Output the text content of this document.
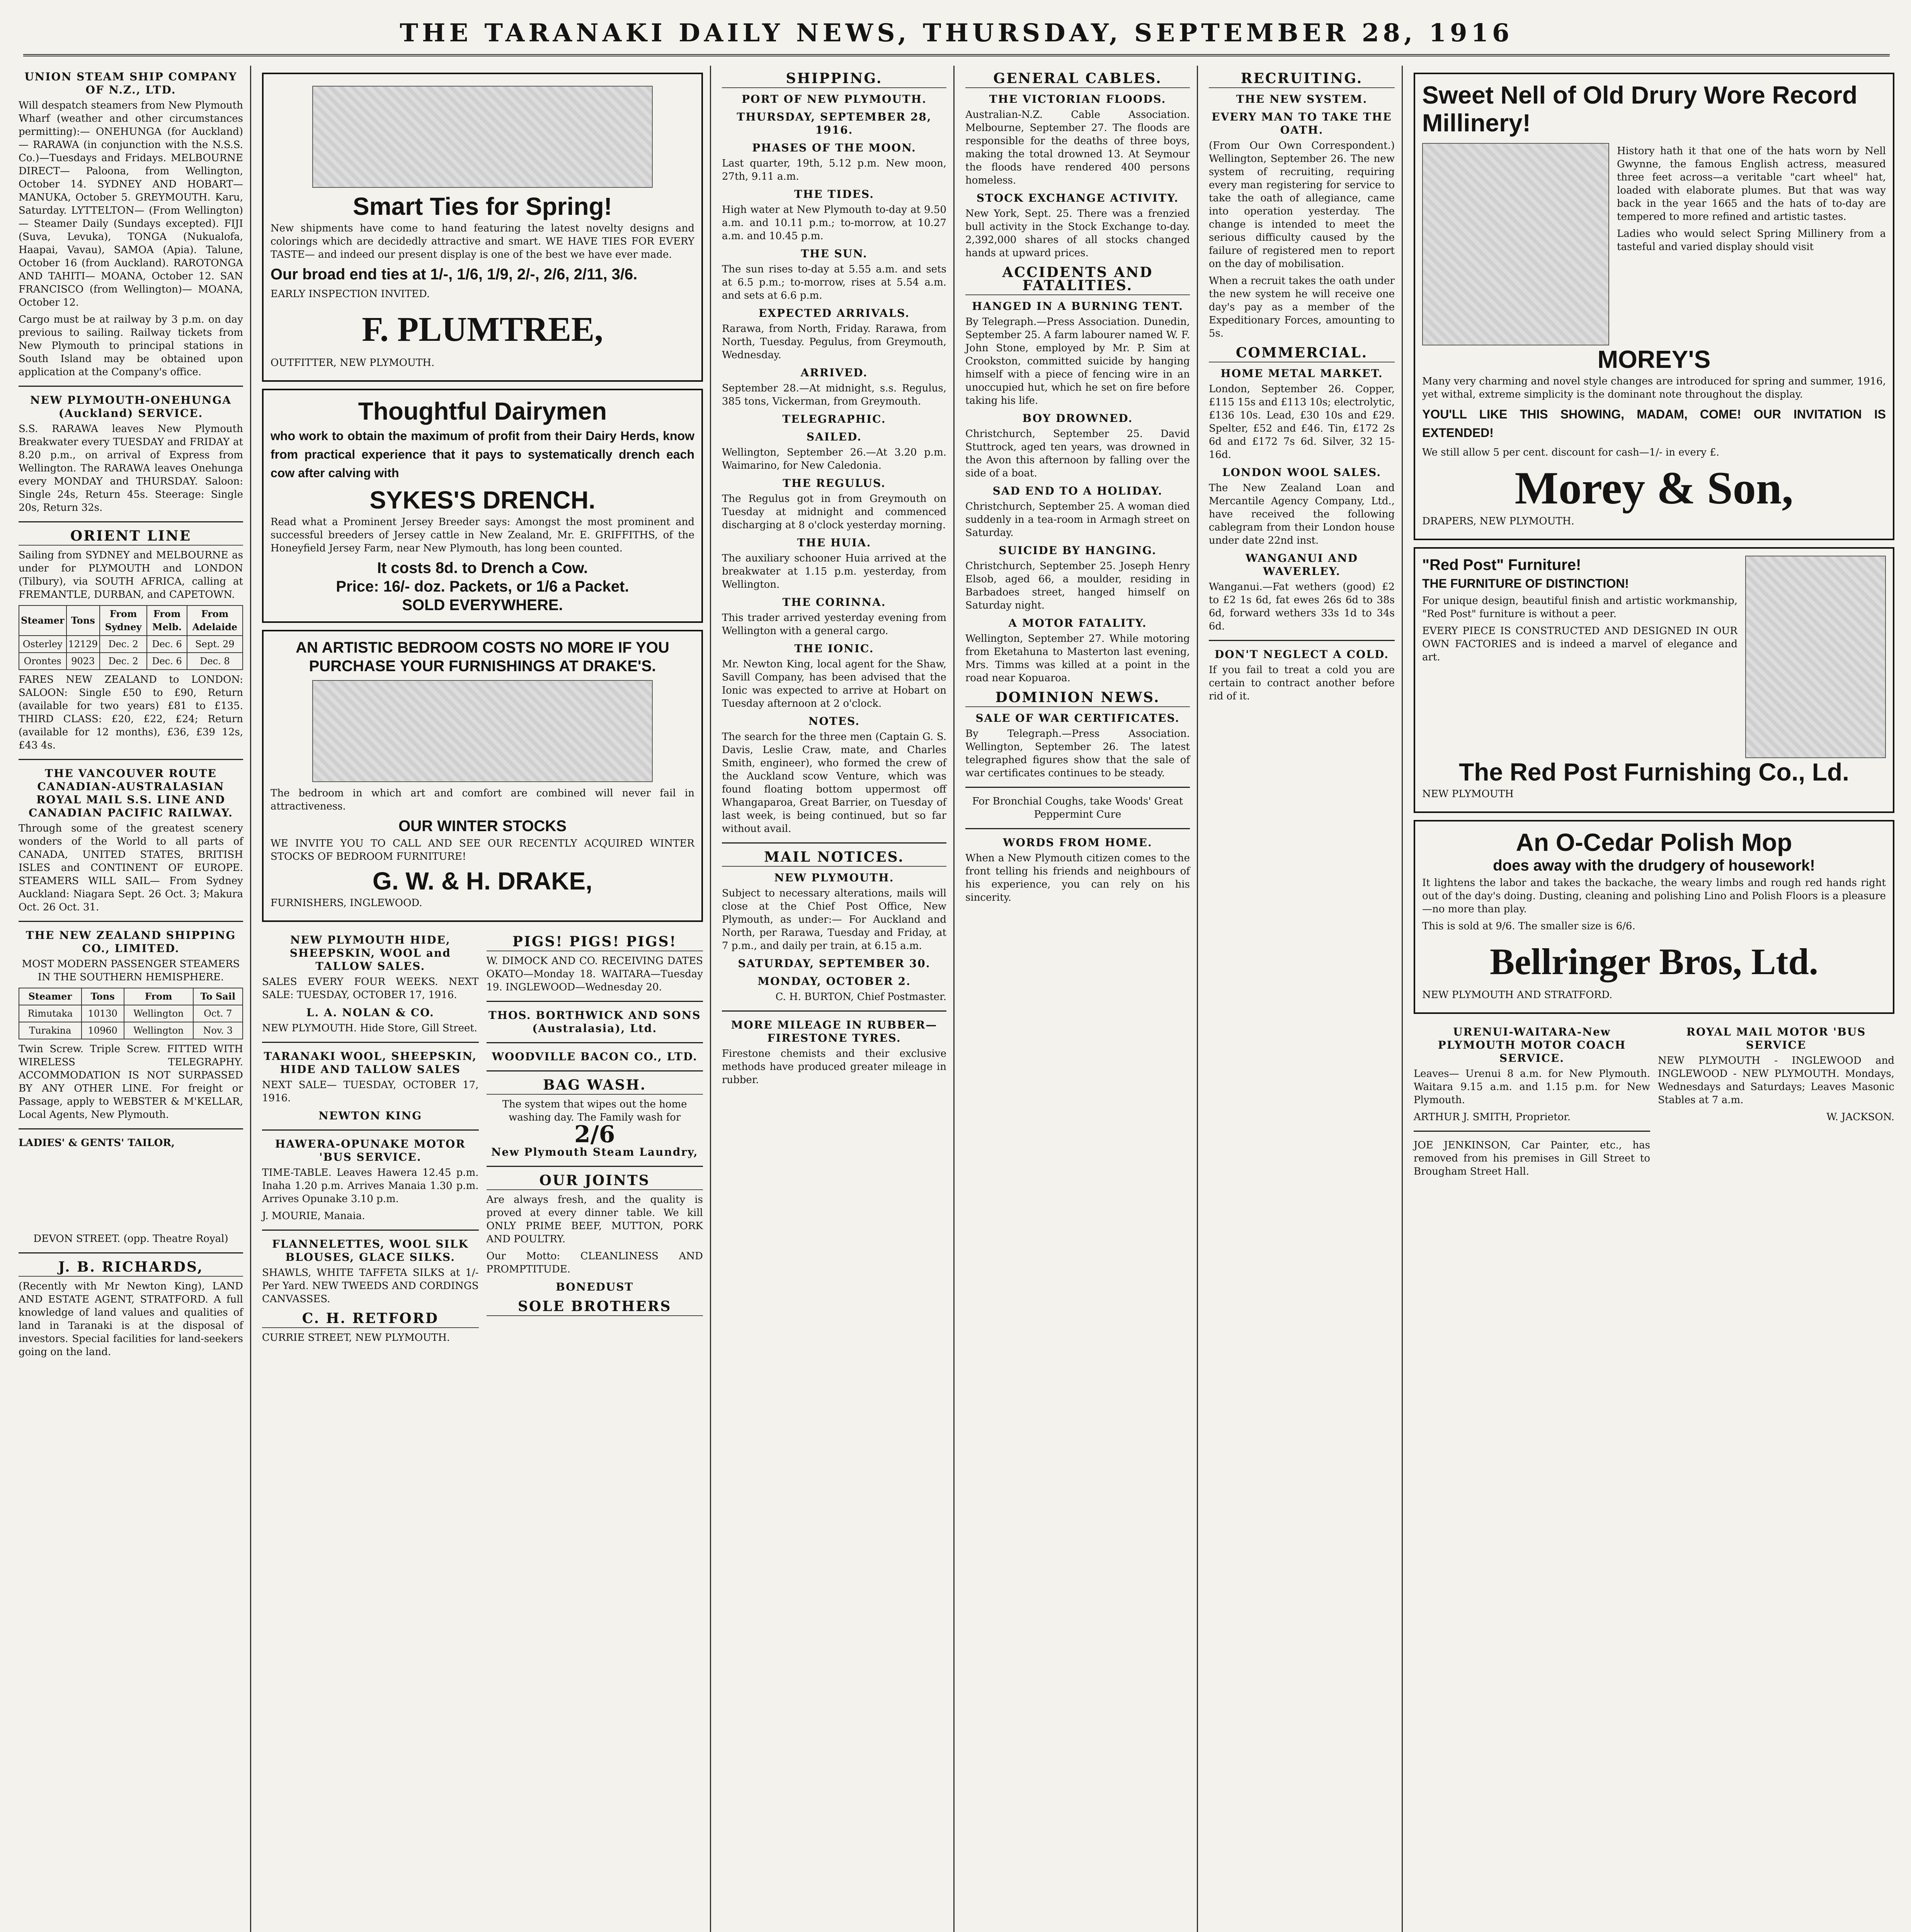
THE TARANAKI DAILY NEWS, THURSDAY, SEPTEMBER 28, 1916
UNION STEAM SHIP COMPANY OF N.Z., LTD.

Will despatch steamers from New Plymouth Wharf (weather and other circumstances permitting):— ONEHUNGA (for Auckland)— RARAWA (in conjunction with the N.S.S. Co.)—Tuesdays and Fridays. MELBOURNE DIRECT— Paloona, from Wellington, October 14. SYDNEY AND HOBART— MANUKA, October 5. GREYMOUTH. Karu, Saturday. LYTTELTON— (From Wellington)— Steamer Daily (Sundays excepted). FIJI (Suva, Levuka), TONGA (Nukualofa, Haapai, Vavau), SAMOA (Apia). Talune, October 16 (from Auckland). RAROTONGA AND TAHITI— MOANA, October 12. SAN FRANCISCO (from Wellington)— MOANA, October 12.

Cargo must be at railway by 3 p.m. on day previous to sailing. Railway tickets from New Plymouth to principal stations in South Island may be obtained upon application at the Company's office.

NEW PLYMOUTH-ONEHUNGA (Auckland) SERVICE.

S.S. RARAWA leaves New Plymouth Breakwater every TUESDAY and FRIDAY at 8.20 p.m., on arrival of Express from Wellington. The RARAWA leaves Onehunga every MONDAY and THURSDAY. Saloon: Single 24s, Return 45s. Steerage: Single 20s, Return 32s.

ORIENT LINE

Sailing from SYDNEY and MELBOURNE as under for PLYMOUTH and LONDON (Tilbury), via SOUTH AFRICA, calling at FREMANTLE, DURBAN, and CAPETOWN.

Steamer	Tons	From Sydney	From Melb.	From Adelaide
Osterley	12129	Dec. 2	Dec. 6	Sept. 29
Orontes	9023	Dec. 2	Dec. 6	Dec. 8

FARES NEW ZEALAND to LONDON: SALOON: Single £50 to £90, Return (available for two years) £81 to £135. THIRD CLASS: £20, £22, £24; Return (available for 12 months), £36, £39 12s, £43 4s.

THE VANCOUVER ROUTE CANADIAN-AUSTRALASIAN ROYAL MAIL S.S. LINE AND CANADIAN PACIFIC RAILWAY.

Through some of the greatest scenery wonders of the World to all parts of CANADA, UNITED STATES, BRITISH ISLES and CONTINENT OF EUROPE. STEAMERS WILL SAIL— From Sydney Auckland: Niagara Sept. 26 Oct. 3; Makura Oct. 26 Oct. 31.

THE NEW ZEALAND SHIPPING CO., LIMITED.

MOST MODERN PASSENGER STEAMERS IN THE SOUTHERN HEMISPHERE.

Steamer	Tons	From	To Sail
Rimutaka	10130	Wellington	Oct. 7
Turakina	10960	Wellington	Nov. 3

Twin Screw. Triple Screw. FITTED WITH WIRELESS TELEGRAPHY. ACCOMMODATION IS NOT SURPASSED BY ANY OTHER LINE. For freight or Passage, apply to WEBSTER & M'KELLAR, Local Agents, New Plymouth.

LADIES' & GENTS' TAILOR,

DEVON STREET. (opp. Theatre Royal)

J. B. RICHARDS,

(Recently with Mr Newton King), LAND AND ESTATE AGENT, STRATFORD. A full knowledge of land values and qualities of land in Taranaki is at the disposal of investors. Special facilities for land-seekers going on the land.

Smart Ties for Spring!

New shipments have come to hand featuring the latest novelty designs and colorings which are decidedly attractive and smart. WE HAVE TIES FOR EVERY TASTE— and indeed our present display is one of the best we have ever made.

Our broad end ties at 1/-, 1/6, 1/9, 2/-, 2/6, 2/11, 3/6.

EARLY INSPECTION INVITED.

F. PLUMTREE,

OUTFITTER, NEW PLYMOUTH.

Thoughtful Dairymen

who work to obtain the maximum of profit from their Dairy Herds, know from practical experience that it pays to systematically drench each cow after calving with

SYKES'S DRENCH.

Read what a Prominent Jersey Breeder says: Amongst the most prominent and successful breeders of Jersey cattle in New Zealand, Mr. E. GRIFFITHS, of the Honeyfield Jersey Farm, near New Plymouth, has long been counted.

It costs 8d. to Drench a Cow.
Price: 16/- doz. Packets, or 1/6 a Packet.
SOLD EVERYWHERE.
AN ARTISTIC BEDROOM COSTS NO MORE IF YOU PURCHASE YOUR FURNISHINGS AT DRAKE'S.

The bedroom in which art and comfort are combined will never fail in attractiveness.

OUR WINTER STOCKS

WE INVITE YOU TO CALL AND SEE OUR RECENTLY ACQUIRED WINTER STOCKS OF BEDROOM FURNITURE!

G. W. & H. DRAKE,

FURNISHERS, INGLEWOOD.

NEW PLYMOUTH HIDE, SHEEPSKIN, WOOL and TALLOW SALES.

SALES EVERY FOUR WEEKS. NEXT SALE: TUESDAY, OCTOBER 17, 1916.

L. A. NOLAN & CO.

NEW PLYMOUTH. Hide Store, Gill Street.

TARANAKI WOOL, SHEEPSKIN, HIDE AND TALLOW SALES

NEXT SALE— TUESDAY, OCTOBER 17, 1916.

NEWTON KING
HAWERA-OPUNAKE MOTOR 'BUS SERVICE.

TIME-TABLE. Leaves Hawera 12.45 p.m. Inaha 1.20 p.m. Arrives Manaia 1.30 p.m. Arrives Opunake 3.10 p.m.

J. MOURIE, Manaia.

FLANNELETTES, WOOL SILK BLOUSES, GLACE SILKS.

SHAWLS, WHITE TAFFETA SILKS at 1/- Per Yard. NEW TWEEDS AND CORDINGS CANVASSES.

C. H. RETFORD

CURRIE STREET, NEW PLYMOUTH.

PIGS! PIGS! PIGS!

W. DIMOCK AND CO. RECEIVING DATES OKATO—Monday 18. WAITARA—Tuesday 19. INGLEWOOD—Wednesday 20.

THOS. BORTHWICK AND SONS (Australasia), Ltd.
WOODVILLE BACON CO., LTD.
BAG WASH.

The system that wipes out the home washing day. The Family wash for

2/6
New Plymouth Steam Laundry,
OUR JOINTS

Are always fresh, and the quality is proved at every dinner table. We kill ONLY PRIME BEEF, MUTTON, PORK AND POULTRY.

Our Motto: CLEANLINESS AND PROMPTITUDE.

BONEDUST
SOLE BROTHERS
SHIPPING.
PORT OF NEW PLYMOUTH.
THURSDAY, SEPTEMBER 28, 1916.
PHASES OF THE MOON.

Last quarter, 19th, 5.12 p.m. New moon, 27th, 9.11 a.m.

THE TIDES.

High water at New Plymouth to-day at 9.50 a.m. and 10.11 p.m.; to-morrow, at 10.27 a.m. and 10.45 p.m.

THE SUN.

The sun rises to-day at 5.55 a.m. and sets at 6.5 p.m.; to-morrow, rises at 5.54 a.m. and sets at 6.6 p.m.

EXPECTED ARRIVALS.

Rarawa, from North, Friday. Rarawa, from North, Tuesday. Pegulus, from Greymouth, Wednesday.

ARRIVED.

September 28.—At midnight, s.s. Regulus, 385 tons, Vickerman, from Greymouth.

TELEGRAPHIC.
SAILED.

Wellington, September 26.—At 3.20 p.m. Waimarino, for New Caledonia.

THE REGULUS.

The Regulus got in from Greymouth on Tuesday at midnight and commenced discharging at 8 o'clock yesterday morning.

THE HUIA.

The auxiliary schooner Huia arrived at the breakwater at 1.15 p.m. yesterday, from Wellington.

THE CORINNA.

This trader arrived yesterday evening from Wellington with a general cargo.

THE IONIC.

Mr. Newton King, local agent for the Shaw, Savill Company, has been advised that the Ionic was expected to arrive at Hobart on Tuesday afternoon at 2 o'clock.

NOTES.

The search for the three men (Captain G. S. Davis, Leslie Craw, mate, and Charles Smith, engineer), who formed the crew of the Auckland scow Venture, which was found floating bottom uppermost off Whangaparoa, Great Barrier, on Tuesday of last week, is being continued, but so far without avail.

MAIL NOTICES.
NEW PLYMOUTH.

Subject to necessary alterations, mails will close at the Chief Post Office, New Plymouth, as under:— For Auckland and North, per Rarawa, Tuesday and Friday, at 7 p.m., and daily per train, at 6.15 a.m.

SATURDAY, SEPTEMBER 30.
MONDAY, OCTOBER 2.

C. H. BURTON, Chief Postmaster.

MORE MILEAGE IN RUBBER—FIRESTONE TYRES.

Firestone chemists and their exclusive methods have produced greater mileage in rubber.

GENERAL CABLES.
THE VICTORIAN FLOODS.

Australian-N.Z. Cable Association. Melbourne, September 27. The floods are responsible for the deaths of three boys, making the total drowned 13. At Seymour the floods have rendered 400 persons homeless.

STOCK EXCHANGE ACTIVITY.

New York, Sept. 25. There was a frenzied bull activity in the Stock Exchange to-day. 2,392,000 shares of all stocks changed hands at upward prices.

ACCIDENTS AND FATALITIES.
HANGED IN A BURNING TENT.

By Telegraph.—Press Association. Dunedin, September 25. A farm labourer named W. F. John Stone, employed by Mr. P. Sim at Crookston, committed suicide by hanging himself with a piece of fencing wire in an unoccupied hut, which he set on fire before taking his life.

BOY DROWNED.

Christchurch, September 25. David Stuttrock, aged ten years, was drowned in the Avon this afternoon by falling over the side of a boat.

SAD END TO A HOLIDAY.

Christchurch, September 25. A woman died suddenly in a tea-room in Armagh street on Saturday.

SUICIDE BY HANGING.

Christchurch, September 25. Joseph Henry Elsob, aged 66, a moulder, residing in Barbadoes street, hanged himself on Saturday night.

A MOTOR FATALITY.

Wellington, September 27. While motoring from Eketahuna to Masterton last evening, Mrs. Timms was killed at a point in the road near Kopuaroa.

DOMINION NEWS.
SALE OF WAR CERTIFICATES.

By Telegraph.—Press Association. Wellington, September 26. The latest telegraphed figures show that the sale of war certificates continues to be steady.

For Bronchial Coughs, take Woods' Great Peppermint Cure

WORDS FROM HOME.

When a New Plymouth citizen comes to the front telling his friends and neighbours of his experience, you can rely on his sincerity.

RECRUITING.
THE NEW SYSTEM.
EVERY MAN TO TAKE THE OATH.

(From Our Own Correspondent.) Wellington, September 26. The new system of recruiting, requiring every man registering for service to take the oath of allegiance, came into operation yesterday. The change is intended to meet the serious difficulty caused by the failure of registered men to report on the day of mobilisation.

When a recruit takes the oath under the new system he will receive one day's pay as a member of the Expeditionary Forces, amounting to 5s.

COMMERCIAL.
HOME METAL MARKET.

London, September 26. Copper, £115 15s and £113 10s; electrolytic, £136 10s. Lead, £30 10s and £29. Spelter, £52 and £46. Tin, £172 2s 6d and £172 7s 6d. Silver, 32 15-16d.

LONDON WOOL SALES.

The New Zealand Loan and Mercantile Agency Company, Ltd., have received the following cablegram from their London house under date 22nd inst.

WANGANUI AND WAVERLEY.

Wanganui.—Fat wethers (good) £2 to £2 1s 6d, fat ewes 26s 6d to 38s 6d, forward wethers 33s 1d to 34s 6d.

DON'T NEGLECT A COLD.

If you fail to treat a cold you are certain to contract another before rid of it.

Sweet Nell of Old Drury Wore Record Millinery!

History hath it that one of the hats worn by Nell Gwynne, the famous English actress, measured three feet across—a veritable "cart wheel" hat, loaded with elaborate plumes. But that was way back in the year 1665 and the hats of to-day are tempered to more refined and artistic tastes.

Ladies who would select Spring Millinery from a tasteful and varied display should visit

MOREY'S

Many very charming and novel style changes are introduced for spring and summer, 1916, yet withal, extreme simplicity is the dominant note throughout the display.

YOU'LL LIKE THIS SHOWING, MADAM, COME! OUR INVITATION IS EXTENDED!

We still allow 5 per cent. discount for cash—1/- in every £.

Morey & Son,

DRAPERS, NEW PLYMOUTH.

"Red Post" Furniture!
THE FURNITURE OF DISTINCTION!

For unique design, beautiful finish and artistic workmanship, "Red Post" furniture is without a peer.

EVERY PIECE IS CONSTRUCTED AND DESIGNED IN OUR OWN FACTORIES and is indeed a marvel of elegance and art.

The Red Post Furnishing Co., Ld.

NEW PLYMOUTH

An O-Cedar Polish Mop
does away with the drudgery of housework!

It lightens the labor and takes the backache, the weary limbs and rough red hands right out of the day's doing. Dusting, cleaning and polishing Lino and Polish Floors is a pleasure—no more than play.

This is sold at 9/6. The smaller size is 6/6.

Bellringer Bros, Ltd.

NEW PLYMOUTH AND STRATFORD.

URENUI-WAITARA-New PLYMOUTH MOTOR COACH SERVICE.

Leaves— Urenui 8 a.m. for New Plymouth. Waitara 9.15 a.m. and 1.15 p.m. for New Plymouth.

ARTHUR J. SMITH, Proprietor.

JOE JENKINSON, Car Painter, etc., has removed from his premises in Gill Street to Brougham Street Hall.

ROYAL MAIL MOTOR 'BUS SERVICE

NEW PLYMOUTH - INGLEWOOD and INGLEWOOD - NEW PLYMOUTH. Mondays, Wednesdays and Saturdays; Leaves Masonic Stables at 7 a.m.

W. JACKSON.
